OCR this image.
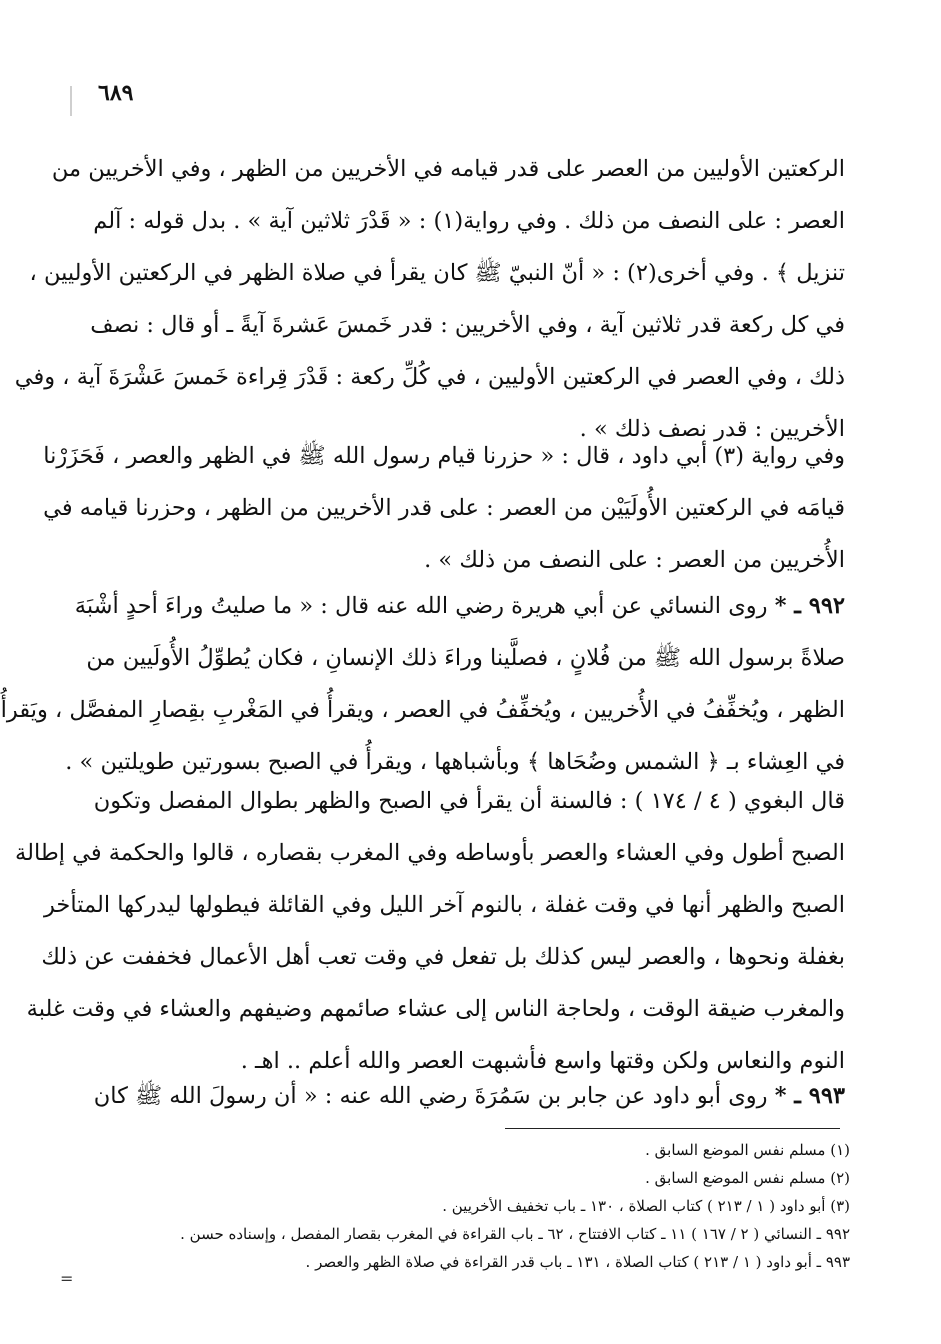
٦٨٩
الركعتين الأوليين من العصر على قدر قيامه في الأخريين من الظهر ، وفي الأخريين من
العصر : على النصف من ذلك . وفي رواية(١) : « قَدْرَ ثلاثين آية » . بدل قوله : آلم
تنزيل ﴾ . وفي أخرى(٢) : « أنّ النبيّ ﷺ كان يقرأ في صلاة الظهر في الركعتين الأوليين ،
في كل ركعة قدر ثلاثين آية ، وفي الأخريين : قدر خَمسَ عَشرةَ آيةً ـ أو قال : نصف
ذلك ، وفي العصر في الركعتين الأوليين ، في كُلِّ ركعة : قَدْرَ قِراءة خَمسَ عَشْرَةَ آية ، وفي
الأخريين : قدر نصف ذلك » .
وفي رواية (٣) أبي داود ، قال : « حزرنا قيام رسول الله ﷺ في الظهر والعصر ، فَحَزَرْنا
قيامَه في الركعتين الأُولَيَيْن من العصر : على قدر الأخريين من الظهر ، وحزرنا قيامه في
الأُخريين من العصر : على النصف من ذلك » .
٩٩٢ ـ * روى النسائي عن أبي هريرة رضي الله عنه قال : « ما صليتُ وراءَ أحدٍ أشْبَهَ
صلاةً برسول الله ﷺ من فُلانٍ ، فصلَّينا وراءَ ذلك الإنسانِ ، فكان يُطوِّلُ الأُولَيين من
الظهر ، ويُخفِّفُ في الأُخريين ، ويُخفِّفُ في العصر ، ويقرأُ في المَغْربِ بقِصارِ المفصَّل ، ويَقرأُ
في العِشاء بـ ﴿ الشمس وضُحَاها ﴾ وبأشباهها ، ويقرأُ في الصبح بسورتين طويلتين » .
قال البغوي ( ٤ / ١٧٤ ) : فالسنة أن يقرأ في الصبح والظهر بطوال المفصل وتكون
الصبح أطول وفي العشاء والعصر بأوساطه وفي المغرب بقصاره ، قالوا والحكمة في إطالة
الصبح والظهر أنها في وقت غفلة ، بالنوم آخر الليل وفي القائلة فيطولها ليدركها المتأخر
بغفلة ونحوها ، والعصر ليس كذلك بل تفعل في وقت تعب أهل الأعمال فخففت عن ذلك
والمغرب ضيقة الوقت ، ولحاجة الناس إلى عشاء صائمهم وضيفهم والعشاء في وقت غلبة
النوم والنعاس ولكن وقتها واسع فأشبهت العصر والله أعلم .. اهـ .
٩٩٣ ـ * روى أبو داود عن جابر بن سَمُرَةَ رضي الله عنه : « أن رسولَ الله ﷺ كان
(١) مسلم نفس الموضع السابق .
(٢) مسلم نفس الموضع السابق .
(٣) أبو داود ( ١ / ٢١٣ ) كتاب الصلاة ، ١٣٠ ـ باب تخفيف الأخريين .
٩٩٢ ـ النسائي ( ٢ / ١٦٧ ) ١١ ـ كتاب الافتتاح ، ٦٢ ـ باب القراءة في المغرب بقصار المفصل ، وإسناده حسن .
٩٩٣ ـ أبو داود ( ١ / ٢١٣ ) كتاب الصلاة ، ١٣١ ـ باب قدر القراءة في صلاة الظهر والعصر .
=
